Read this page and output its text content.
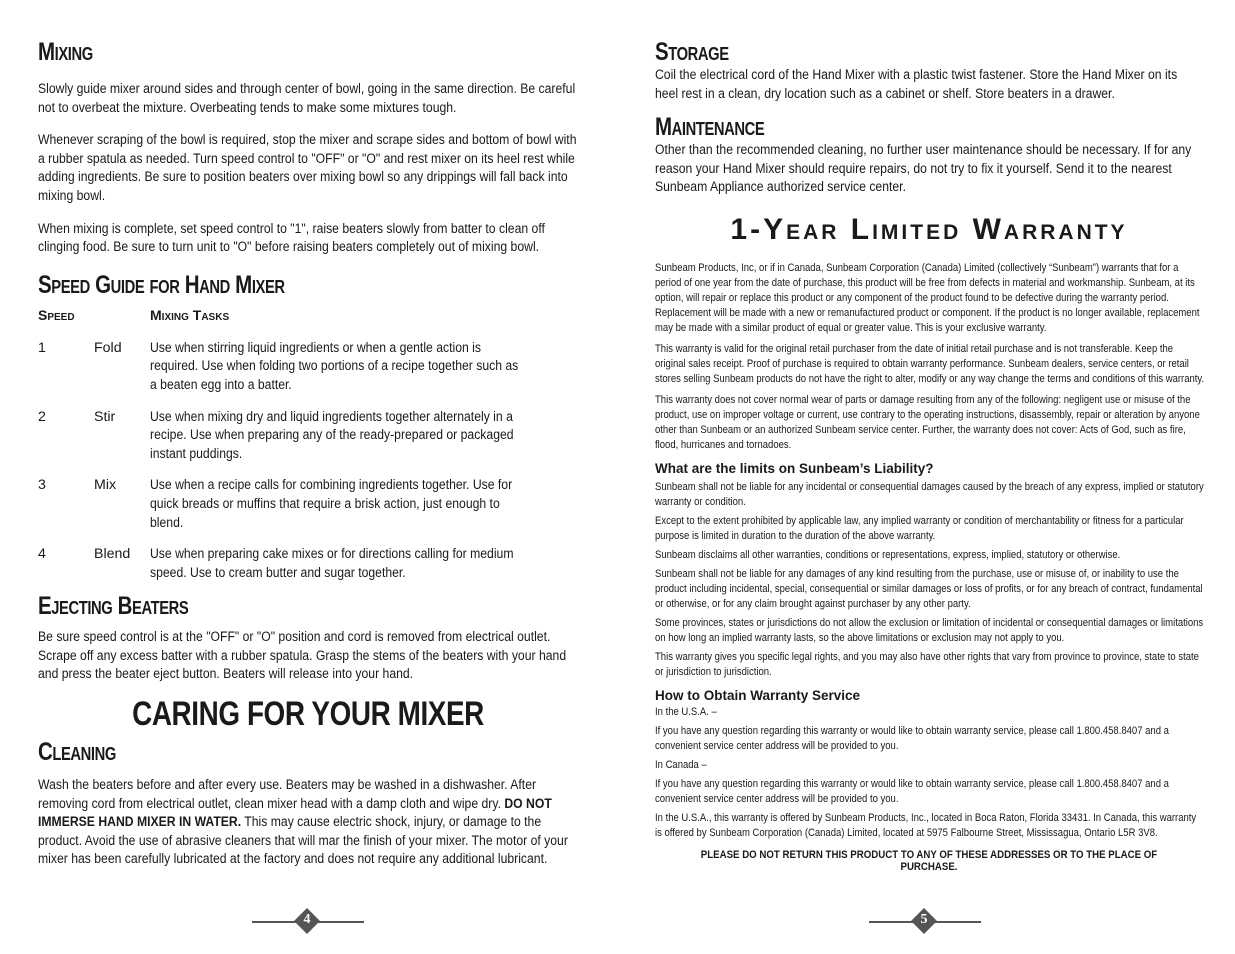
Mixing

Slowly guide mixer around sides and through center of bowl, going in the same direction. Be careful not to overbeat the mixture. Overbeating tends to make some mixtures tough.

Whenever scraping of the bowl is required, stop the mixer and scrape sides and bottom of bowl with a rubber spatula as needed. Turn speed control to "OFF" or "O" and rest mixer on its heel rest while adding ingredients. Be sure to position beaters over mixing bowl so any drippings will fall back into mixing bowl.

When mixing is complete, set speed control to "1", raise beaters slowly from batter to clean off clinging food. Be sure to turn unit to "O" before raising beaters completely out of mixing bowl.

Speed Guide for Hand Mixer
Speed	Mixing Tasks
1	Fold	Use when stirring liquid ingredients or when a gentle action is required. Use when folding two portions of a recipe together such as a beaten egg into a batter.
2	Stir	Use when mixing dry and liquid ingredients together alternately in a recipe. Use when preparing any of the ready-prepared or packaged instant puddings.
3	Mix	Use when a recipe calls for combining ingredients together. Use for quick breads or muffins that require a brisk action, just enough to blend.
4	Blend	Use when preparing cake mixes or for directions calling for medium speed. Use to cream butter and sugar together.
Ejecting Beaters

Be sure speed control is at the "OFF" or "O" position and cord is removed from electrical outlet. Scrape off any excess batter with a rubber spatula. Grasp the stems of the beaters with your hand and press the beater eject button. Beaters will release into your hand.

CARING FOR YOUR MIXER
Cleaning

Wash the beaters before and after every use. Beaters may be washed in a dishwasher. After removing cord from electrical outlet, clean mixer head with a damp cloth and wipe dry. DO NOT IMMERSE HAND MIXER IN WATER. This may cause electric shock, injury, or damage to the product. Avoid the use of abrasive cleaners that will mar the finish of your mixer. The motor of your mixer has been carefully lubricated at the factory and does not require any additional lubricant.

4
Storage

Coil the electrical cord of the Hand Mixer with a plastic twist fastener. Store the Hand Mixer on its heel rest in a clean, dry location such as a cabinet or shelf. Store beaters in a drawer.

Maintenance

Other than the recommended cleaning, no further user maintenance should be necessary. If for any reason your Hand Mixer should require repairs, do not try to fix it yourself. Send it to the nearest Sunbeam Appliance authorized service center.

1-Year Limited Warranty

Sunbeam Products, Inc, or if in Canada, Sunbeam Corporation (Canada) Limited (collectively “Sunbeam”) warrants that for a period of one year from the date of purchase, this product will be free from defects in material and workmanship. Sunbeam, at its option, will repair or replace this product or any component of the product found to be defective during the warranty period. Replacement will be made with a new or remanufactured product or component. If the product is no longer available, replacement may be made with a similar product of equal or greater value. This is your exclusive warranty.

This warranty is valid for the original retail purchaser from the date of initial retail purchase and is not transferable. Keep the original sales receipt. Proof of purchase is required to obtain warranty performance. Sunbeam dealers, service centers, or retail stores selling Sunbeam products do not have the right to alter, modify or any way change the terms and conditions of this warranty.

This warranty does not cover normal wear of parts or damage resulting from any of the following: negligent use or misuse of the product, use on improper voltage or current, use contrary to the operating instructions, disassembly, repair or alteration by anyone other than Sunbeam or an authorized Sunbeam service center. Further, the warranty does not cover: Acts of God, such as fire, flood, hurricanes and tornadoes.

What are the limits on Sunbeam’s Liability?

Sunbeam shall not be liable for any incidental or consequential damages caused by the breach of any express, implied or statutory warranty or condition.

Except to the extent prohibited by applicable law, any implied warranty or condition of merchantability or fitness for a particular purpose is limited in duration to the duration of the above warranty.

Sunbeam disclaims all other warranties, conditions or representations, express, implied, statutory or otherwise.

Sunbeam shall not be liable for any damages of any kind resulting from the purchase, use or misuse of, or inability to use the product including incidental, special, consequential or similar damages or loss of profits, or for any breach of contract, fundamental or otherwise, or for any claim brought against purchaser by any other party.

Some provinces, states or jurisdictions do not allow the exclusion or limitation of incidental or consequential damages or limitations on how long an implied warranty lasts, so the above limitations or exclusion may not apply to you.

This warranty gives you specific legal rights, and you may also have other rights that vary from province to province, state to state or jurisdiction to jurisdiction.

How to Obtain Warranty Service

In the U.S.A. –

If you have any question regarding this warranty or would like to obtain warranty service, please call 1.800.458.8407 and a convenient service center address will be provided to you.

In Canada –

If you have any question regarding this warranty or would like to obtain warranty service, please call 1.800.458.8407 and a convenient service center address will be provided to you.

In the U.S.A., this warranty is offered by Sunbeam Products, Inc., located in Boca Raton, Florida 33431. In Canada, this warranty is offered by Sunbeam Corporation (Canada) Limited, located at 5975 Falbourne Street, Mississagua, Ontario L5R 3V8.

PLEASE DO NOT RETURN THIS PRODUCT TO ANY OF THESE ADDRESSES OR TO THE PLACE OF PURCHASE.

5
